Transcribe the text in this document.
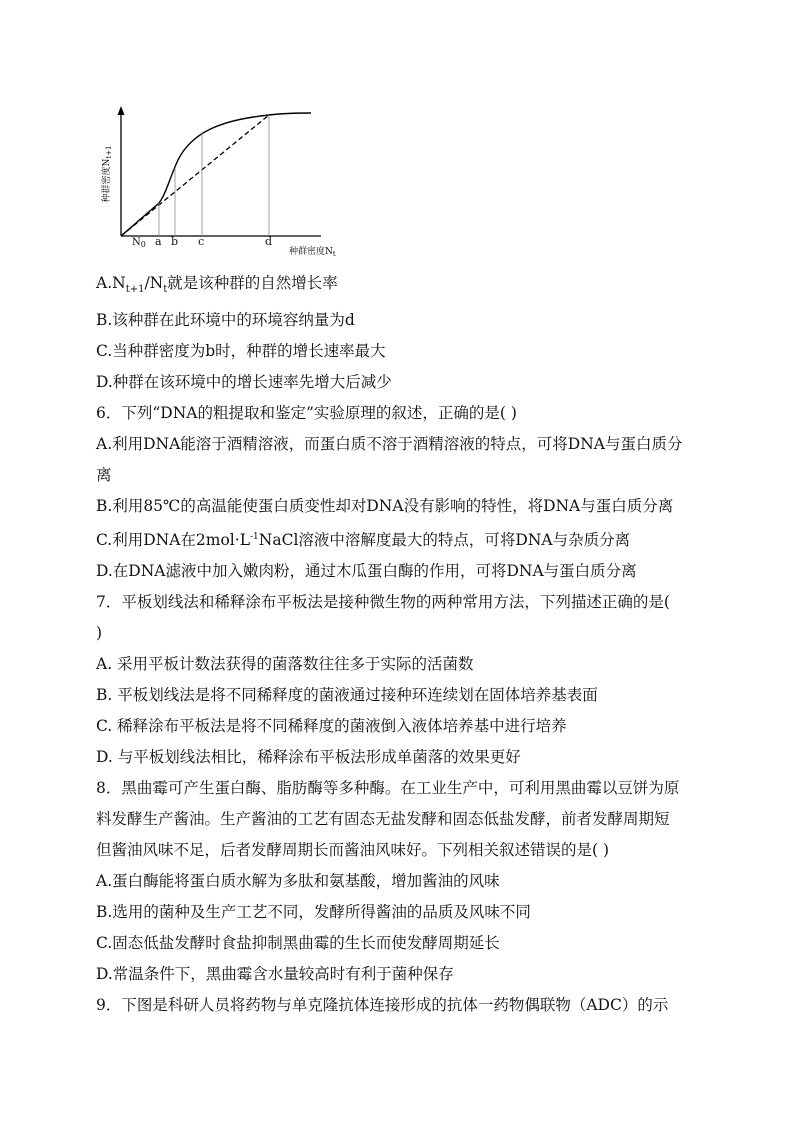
种群密度$N_{t+1}$
$N_0$ a b c	d
种群密度$N_t$
$A.N_{t+1}/N_t$就是该种群的自然增长率
B.该种群在此环境中的环境容纳量为d
C.当种群密度为b时，种群的增长速率最大
D.种群在该环境中的增长速率先增大后减少
6．下列“DNA的粗提取和鉴定”实验原理的叙述，正确的是( )
A.利用DNA能溶于酒精溶液，而蛋白质不溶于酒精溶液的特点，可将DNA与蛋白质分
离
B.利用85℃的高温能使蛋白质变性却对DNA没有影响的特性，将DNA与蛋白质分离
C.利用DNA在$2mol\cdot L^{-1}NaCl$溶液中溶解度最大的特点，可将DNA与杂质分离
D.在DNA滤液中加入嫩肉粉，通过木瓜蛋白酶的作用，可将DNA与蛋白质分离
7．平板划线法和稀释涂布平板法是接种微生物的两种常用方法，下列描述正确的是(
)
A. 采用平板计数法获得的菌落数往往多于实际的活菌数
B. 平板划线法是将不同稀释度的菌液通过接种环连续划在固体培养基表面
C. 稀释涂布平板法是将不同稀释度的菌液倒入液体培养基中进行培养
D. 与平板划线法相比，稀释涂布平板法形成单菌落的效果更好
8．黑曲霉可产生蛋白酶、脂肪酶等多种酶。在工业生产中，可利用黑曲霉以豆饼为原
料发酵生产酱油。生产酱油的工艺有固态无盐发酵和固态低盐发酵，前者发酵周期短
但酱油风味不足，后者发酵周期长而酱油风味好。下列相关叙述错误的是( )
A.蛋白酶能将蛋白质水解为多肽和氨基酸，增加酱油的风味
B.选用的菌种及生产工艺不同，发酵所得酱油的品质及风味不同
C.固态低盐发酵时食盐抑制黑曲霉的生长而使发酵周期延长
D.常温条件下，黑曲霉含水量较高时有利于菌种保存
9．下图是科研人员将药物与单克隆抗体连接形成的抗体一药物偶联物（ADC）的示
